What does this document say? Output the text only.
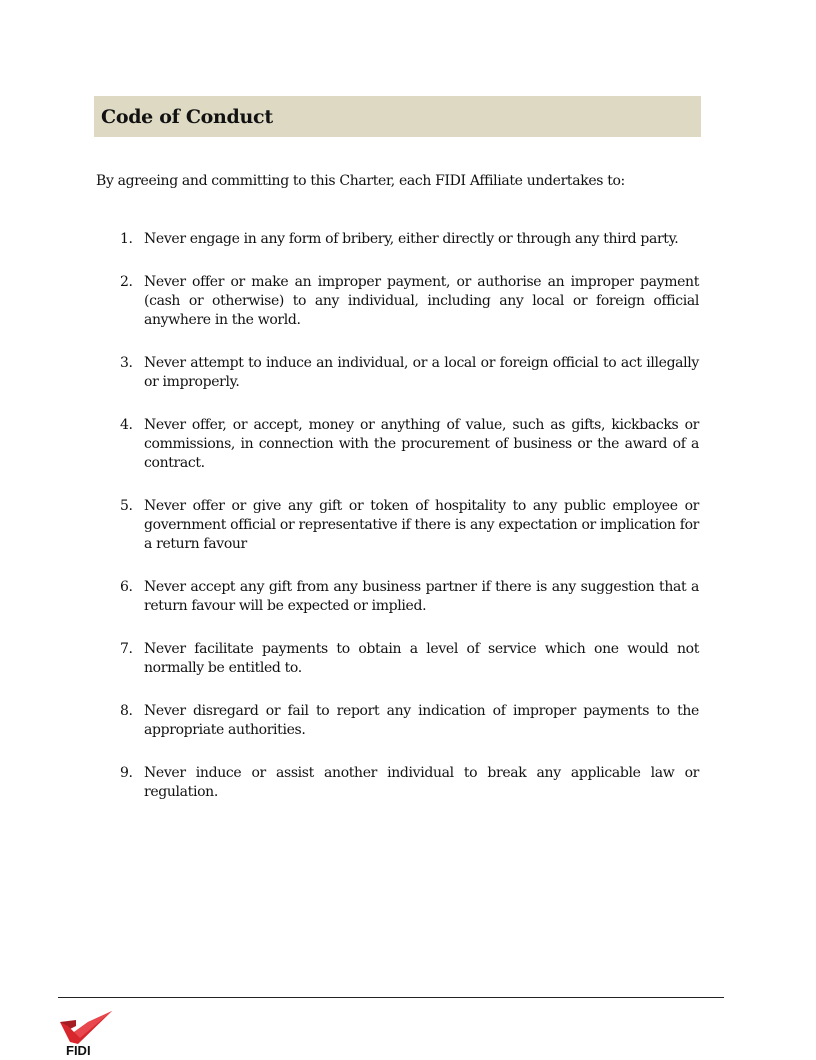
Code of Conduct

By agreeing and committing to this Charter, each FIDI Affiliate undertakes to:

1. Never engage in any form of bribery, either directly or through any third party.
2. Never offer or make an improper payment, or authorise an improper payment (cash or otherwise) to any individual, including any local or foreign official anywhere in the world.
3. Never attempt to induce an individual, or a local or foreign official to act illegally or improperly.
4. Never offer, or accept, money or anything of value, such as gifts, kickbacks or commissions, in connection with the procurement of business or the award of a contract.
5. Never offer or give any gift or token of hospitality to any public employee or government official or representative if there is any expectation or implication for a return favour
6. Never accept any gift from any business partner if there is any suggestion that a return favour will be expected or implied.
7. Never facilitate payments to obtain a level of service which one would not normally be entitled to.
8. Never disregard or fail to report any indication of improper payments to the appropriate authorities.
9. Never induce or assist another individual to break any applicable law or regulation.
FIDI
